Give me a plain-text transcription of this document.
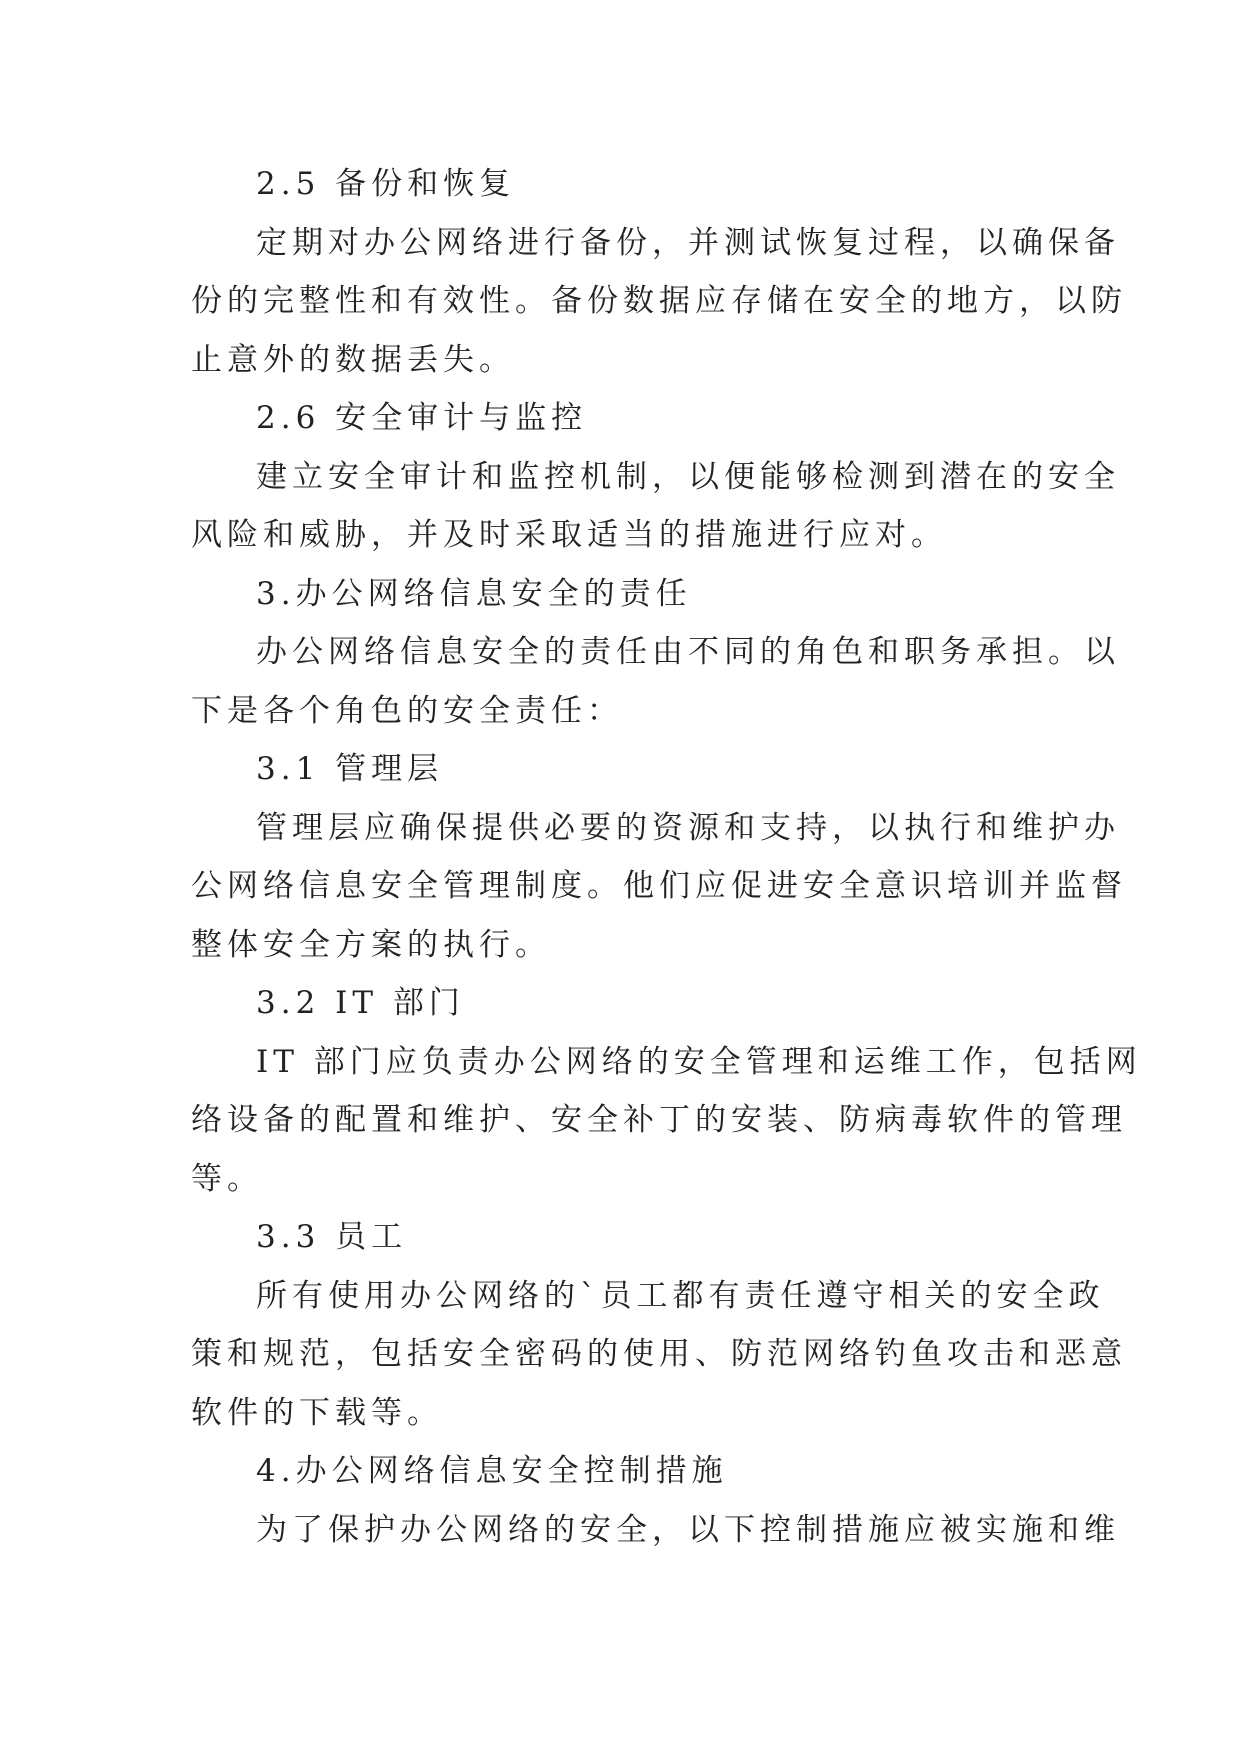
2.5 备份和恢复
定期对办公网络进行备份，并测试恢复过程，以确保备
份的完整性和有效性。备份数据应存储在安全的地方，以防
止意外的数据丢失。
2.6 安全审计与监控
建立安全审计和监控机制，以便能够检测到潜在的安全
风险和威胁，并及时采取适当的措施进行应对。
3.办公网络信息安全的责任
办公网络信息安全的责任由不同的角色和职务承担。以
下是各个角色的安全责任：
3.1 管理层
管理层应确保提供必要的资源和支持，以执行和维护办
公网络信息安全管理制度。他们应促进安全意识培训并监督
整体安全方案的执行。
3.2 IT 部门
IT 部门应负责办公网络的安全管理和运维工作，包括网
络设备的配置和维护、安全补丁的安装、防病毒软件的管理
等。
3.3 员工
所有使用办公网络的`员工都有责任遵守相关的安全政
策和规范，包括安全密码的使用、防范网络钓鱼攻击和恶意
软件的下载等。
4.办公网络信息安全控制措施
为了保护办公网络的安全，以下控制措施应被实施和维
